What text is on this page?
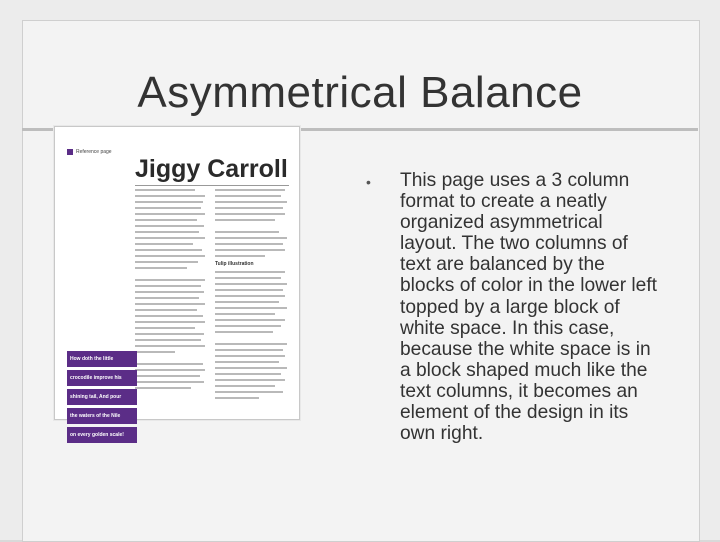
Asymmetrical Balance
Reference page
Jiggy Carroll
Tulip illustration
How doth the little
crocodile improve his
shining tail, And pour
the waters of the Nile
on every golden scale!
• This page uses a 3 column format to create a neatly organized asymmetrical layout. The two columns of text are balanced by the blocks of color in the lower left topped by a large block of white space. In this case, because the white space is in a block shaped much like the text columns, it becomes an element of the design in its own right.
